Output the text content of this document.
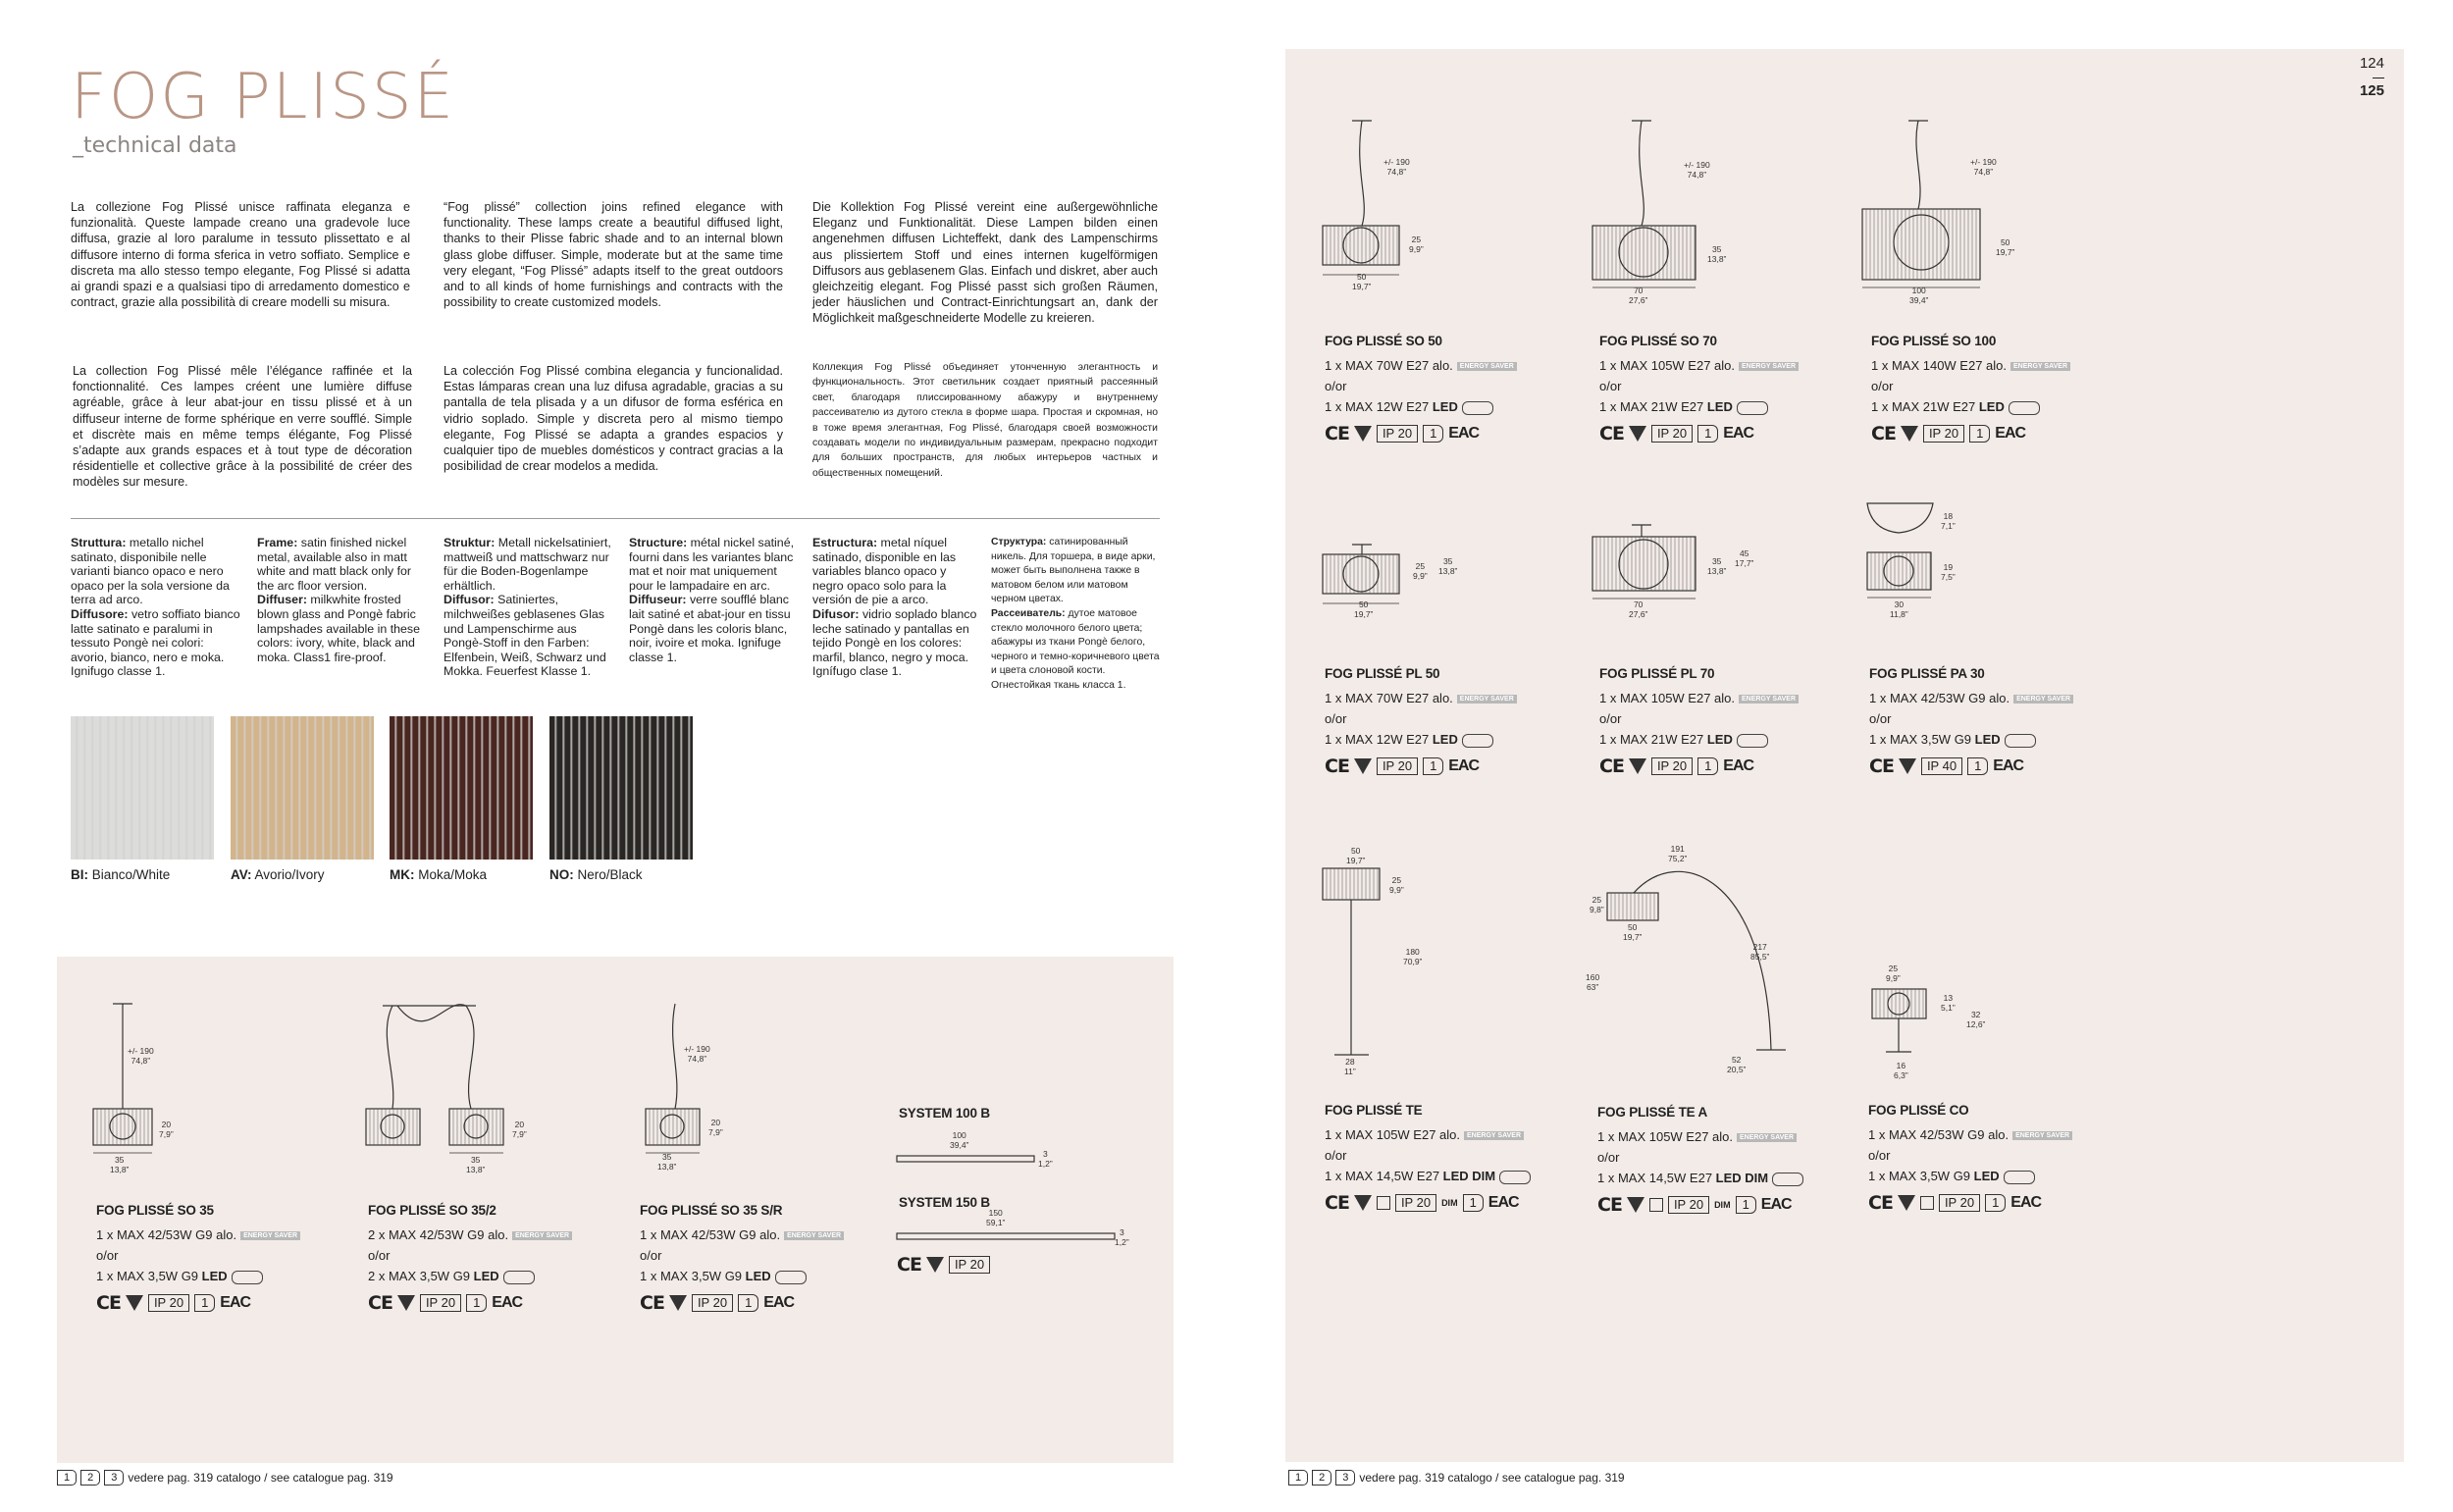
FOG PLISSÉ
_technical data
La collezione Fog Plissé unisce raffinata eleganza e funzionalità. Queste lampade creano una gradevole luce diffusa, grazie al loro paralume in tessuto plissettato e al diffusore interno di forma sferica in vetro soffiato. Semplice e discreta ma allo stesso tempo elegante, Fog Plissé si adatta ai grandi spazi e a qualsiasi tipo di arredamento domestico e contract, grazie alla possibilità di creare modelli su misura.
“Fog plissé” collection joins refined elegance with functionality. These lamps create a beautiful diffused light, thanks to their Plisse fabric shade and to an internal blown glass globe diffuser. Simple, moderate but at the same time very elegant, “Fog Plissé” adapts itself to the great outdoors and to all kinds of home furnishings and contracts with the possibility to create customized models.
Die Kollektion Fog Plissé vereint eine außergewöhnliche Eleganz und Funktionalität. Diese Lampen bilden einen angenehmen diffusen Lichteffekt, dank des Lampenschirms aus plissiertem Stoff und eines internen kugelförmigen Diffusors aus geblasenem Glas. Einfach und diskret, aber auch gleichzeitig elegant. Fog Plissé passt sich großen Räumen, jeder häuslichen und Contract-Einrichtungsart an, dank der Möglichkeit maßgeschneiderte Modelle zu kreieren.
La collection Fog Plissé mêle l’élégance raffinée et la fonctionnalité. Ces lampes créent une lumière diffuse agréable, grâce à leur abat-jour en tissu plissé et à un diffuseur interne de forme sphérique en verre soufflé. Simple et discrète mais en même temps élégante, Fog Plissé s’adapte aux grands espaces et à tout type de décoration résidentielle et collective grâce à la possibilité de créer des modèles sur mesure.
La colección Fog Plissé combina elegancia y funcionalidad. Estas lámparas crean una luz difusa agradable, gracias a su pantalla de tela plisada y a un difusor de forma esférica en vidrio soplado. Simple y discreta pero al mismo tiempo elegante, Fog Plissé se adapta a grandes espacios y cualquier tipo de muebles domésticos y contract gracias a la posibilidad de crear modelos a medida.
Коллекция Fog Plissé объединяет утонченную элегантность и функциональность. Этот светильник создает приятный рассеянный свет, благодаря плиссированному абажуру и внутреннему рассеивателю из дутого стекла в форме шара. Простая и скромная, но в тоже время элегантная, Fog Plissé, благодаря своей возможности создавать модели по индивидуальным размерам, прекрасно подходит для больших пространств, для любых интерьеров частных и общественных помещений.
Struttura: metallo nichel satinato, disponibile nelle varianti bianco opaco e nero opaco per la sola versione da terra ad arco.
Diffusore: vetro soffiato bianco latte satinato e paralumi in tessuto Pongè nei colori: avorio, bianco, nero e moka. Ignifugo classe 1.
Frame: satin finished nickel metal, available also in matt white and matt black only for the arc floor version.
Diffuser: milkwhite frosted blown glass and Pongè fabric lampshades available in these colors: ivory, white, black and moka. Class1 fire-proof.
Struktur: Metall nickelsatiniert, mattweiß und mattschwarz nur für die Boden-Bogenlampe erhältlich.
Diffusor: Satiniertes, milchweißes geblasenes Glas und Lampenschirme aus Pongè-Stoff in den Farben: Elfenbein, Weiß, Schwarz und Mokka. Feuerfest Klasse 1.
Structure: métal nickel satiné, fourni dans les variantes blanc mat et noir mat uniquement pour le lampadaire en arc.
Diffuseur: verre soufflé blanc lait satiné et abat-jour en tissu Pongè dans les coloris blanc, noir, ivoire et moka. Ignifuge classe 1.
Estructura: metal níquel satinado, disponible en las variables blanco opaco y negro opaco solo para la versión de pie a arco.
Difusor: vidrio soplado blanco leche satinado y pantallas en tejido Pongè en los colores: marfil, blanco, negro y moca. Ignífugo clase 1.
Структура: сатинированный никель. Для торшера, в виде арки, может быть выполнена также в матовом белом или матовом черном цветах.
Рассеиватель: дутое матовое стекло молочного белого цвета; абажуры из ткани Pongè белого, черного и темно-коричневого цвета и цвета слоновой кости. Огнестойкая ткань класса 1.
BI: Bianco/White	AV: Avorio/Ivory	MK: Moka/Moka	NO: Nero/Black
+/- 190
74,8”
20
7,9”
35
13,8”
20
7,9”
35
13,8”
+/- 190
74,8”
20
7,9”
35
13,8”
FOG PLISSÉ SO 35
1 x MAX 42/53W G9 alo. ENERGY SAVER
o/or
1 x MAX 3,5W G9 LED
CE	IP 20	1 EAC
FOG PLISSÉ SO 35/2
2 x MAX 42/53W G9 alo. ENERGY SAVER
o/or
2 x MAX 3,5W G9 LED
CE	IP 20	1 EAC
FOG PLISSÉ SO 35 S/R
1 x MAX 42/53W G9 alo. ENERGY SAVER
o/or
1 x MAX 3,5W G9 LED
CE	IP 20	1 EAC
SYSTEM 100 B
100
39,4”
3
1,2”
SYSTEM 150 B
150
59,1”
3
1,2”
CE	IP 20
1	2	3 vedere pag. 319 catalogo / see catalogue pag. 319
124
125
+/- 190
74,8”
25
9,9”
50
19,7”
+/- 190
74,8”
35
13,8”
70
27,6”
+/- 190
74,8”
50
19,7”
100
39,4”
25
9,9”
35
13,8”
50
19,7”
35
13,8”
45
17,7”
70
27,6”
18
7,1”
19
7,5”
30
11,8”
50
19,7”
25
9,9”
180
70,9”
28
11”
191
75,2”
25
9,8”
50
19,7”
217
85,5”
160
63”
52
20,5”
25
9,9”
13
5,1”
32
12,6”
16
6,3”
FOG PLISSÉ SO 50
1 x MAX 70W E27 alo. ENERGY SAVER
o/or
1 x MAX 12W E27 LED
CE	IP 20	1 EAC
FOG PLISSÉ SO 70
1 x MAX 105W E27 alo. ENERGY SAVER
o/or
1 x MAX 21W E27 LED
CE	IP 20	1 EAC
FOG PLISSÉ SO 100
1 x MAX 140W E27 alo. ENERGY SAVER
o/or
1 x MAX 21W E27 LED
CE	IP 20	1 EAC
FOG PLISSÉ PL 50
1 x MAX 70W E27 alo. ENERGY SAVER
o/or
1 x MAX 12W E27 LED
CE	IP 20	1 EAC
FOG PLISSÉ PL 70
1 x MAX 105W E27 alo. ENERGY SAVER
o/or
1 x MAX 21W E27 LED
CE	IP 20	1 EAC
FOG PLISSÉ PA 30
1 x MAX 42/53W G9 alo. ENERGY SAVER
o/or
1 x MAX 3,5W G9 LED
CE	IP 40	1 EAC
FOG PLISSÉ TE
1 x MAX 105W E27 alo. ENERGY SAVER
o/or
1 x MAX 14,5W E27 LED DIM
CE	IP 20	DIM 1 EAC
FOG PLISSÉ TE A
1 x MAX 105W E27 alo. ENERGY SAVER
o/or
1 x MAX 14,5W E27 LED DIM
CE	IP 20	DIM 1 EAC
FOG PLISSÉ CO
1 x MAX 42/53W G9 alo. ENERGY SAVER
o/or
1 x MAX 3,5W G9 LED
CE	IP 20	1 EAC
1	2	3 vedere pag. 319 catalogo / see catalogue pag. 319
